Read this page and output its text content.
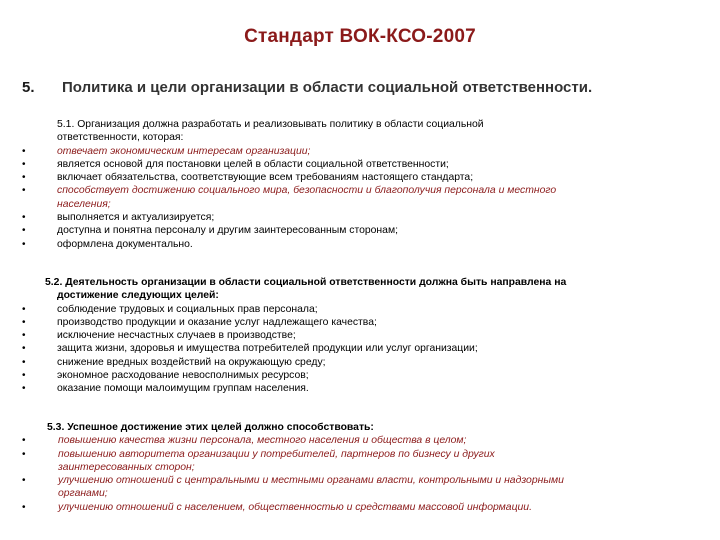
Стандарт ВОК-КСО-2007
5. Политика и цели организации в области социальной ответственности.
•
•
•
•
•
•
•
5.1. Организация должна разработать и реализовывать политику в области социальной
ответственности, которая:
отвечает экономическим интересам организации;
является основой для постановки целей в области социальной ответственности;
включает обязательства, соответствующие всем требованиям настоящего стандарта;
способствует достижению социального мира, безопасности и благополучия персонала и местного
населения;
выполняется и актуализируется;
доступна и понятна персоналу и другим заинтересованным сторонам;
оформлена документально.
•
•
•
•
•
•
•
5.2. Деятельность организации в области социальной ответственности должна быть направлена на
достижение следующих целей:
соблюдение трудовых и социальных прав персонала;
производство продукции и оказание услуг надлежащего качества;
исключение несчастных случаев в производстве;
защита жизни, здоровья и имущества потребителей продукции или услуг организации;
снижение вредных воздействий на окружающую среду;
экономное расходование невосполнимых ресурсов;
оказание помощи малоимущим группам населения.
•
•
•
•
5.3. Успешное достижение этих целей должно способствовать:
повышению качества жизни персонала, местного населения и общества в целом;
повышению авторитета организации у потребителей, партнеров по бизнесу и других
заинтересованных сторон;
улучшению отношений с центральными и местными органами власти, контрольными и надзорными
органами;
улучшению отношений с населением, общественностью и средствами массовой информации.
